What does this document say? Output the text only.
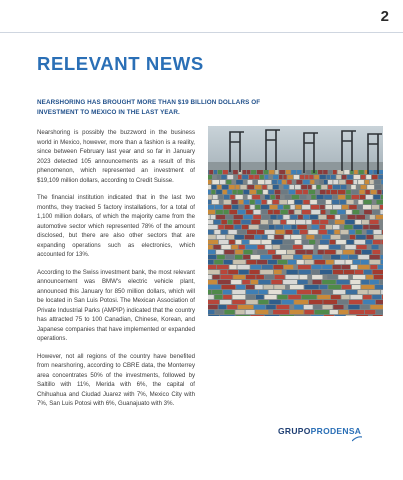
2
RELEVANT NEWS
NEARSHORING HAS BROUGHT MORE THAN $19 BILLION DOLLARS OF INVESTMENT TO MEXICO IN THE LAST YEAR.

Nearshoring is possibly the buzzword in the business world in Mexico, however, more than a fashion is a reality, since between February last year and so far in January 2023 detected 105 announcements as a result of this phenomenon, which represented an investment of $19,109 million dollars, according to Credit Suisse.

The financial institution indicated that in the last two months, they tracked 5 factory installations, for a total of 1,100 million dollars, of which the majority came from the automotive sector which represented 78% of the amount disclosed, but there are also other sectors that are expanding operations such as electronics, which accounted for 13%.

According to the Swiss investment bank, the most relevant announcement was BMW's electric vehicle plant, announced this January for 850 million dollars, which will be located in San Luis Potosi. The Mexican Association of Private Industrial Parks (AMPIP) indicated that the country has attracted 75 to 100 Canadian, Chinese, Korean, and Japanese companies that have implemented or expanded operations.

However, not all regions of the country have benefited from nearshoring, according to CBRE data, the Monterrey area concentrates 50% of the investments, followed by Saltillo with 11%, Merida with 6%, the capital of Chihuahua and Ciudad Juarez with 7%, Mexico City with 7%, San Luis Potosi with 6%, Guanajuato with 3%.

GRUPOPRODENSA
